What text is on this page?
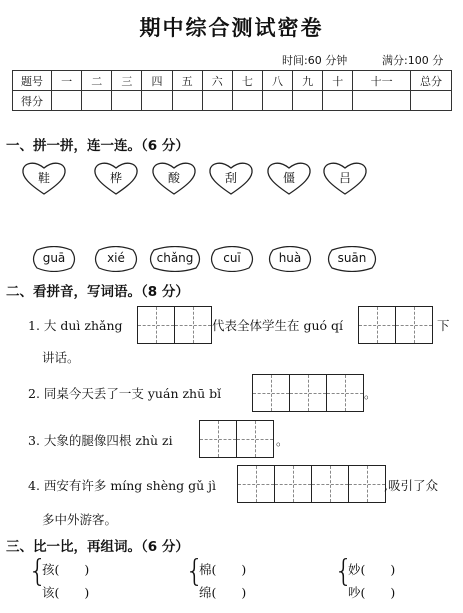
期中综合测试密卷
时间:60 分钟	满分:100 分
题号	一	二	三	四	五	六	七	八	九	十	十一	总分
得分												
一、拼一拼，连一连。（6 分）
鞋	桦	酸	刮	僵	吕
guā	xié	chǎng	cuī	huà	suān
二、看拼音，写词语。（8 分）
1. 大 duì zhǎng	代表全体学生在 guó qí	下
讲话。
2. 同桌今天丢了一支 yuán zhū bǐ	。
3. 大象的腿像四根 zhù zi	。
4. 西安有许多 míng shèng gǔ jì	,吸引了众
多中外游客。
三、比一比，再组词。（6 分）
{
孩(　　)
该(　　)
{
棉(　　)
绵(　　)
{
妙(　　)
吵(　　)
